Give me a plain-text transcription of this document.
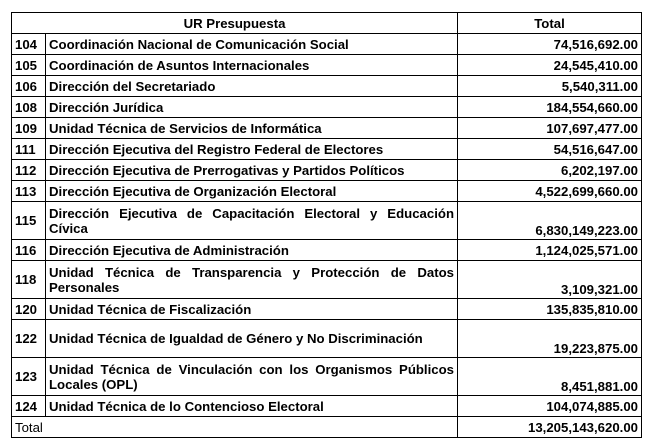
UR Presupuesta		Total
104	Coordinación Nacional de Comunicación Social	74,516,692.00
105	Coordinación de Asuntos Internacionales	24,545,410.00
106	Dirección del Secretariado	5,540,311.00
108	Dirección Jurídica	184,554,660.00
109	Unidad Técnica de Servicios de Informática	107,697,477.00
111	Dirección Ejecutiva del Registro Federal de Electores	54,516,647.00
112	Dirección Ejecutiva de Prerrogativas y Partidos Políticos	6,202,197.00
113	Dirección Ejecutiva de Organización Electoral	4,522,699,660.00
115	Dirección Ejecutiva de Capacitación Electoral y Educación Cívica	6,830,149,223.00
116	Dirección Ejecutiva de Administración	1,124,025,571.00
118	Unidad Técnica de Transparencia y Protección de Datos Personales	3,109,321.00
120	Unidad Técnica de Fiscalización	135,835,810.00
122	Unidad Técnica de Igualdad de Género y No Discriminación	19,223,875.00
123	Unidad Técnica de Vinculación con los Organismos Públicos Locales (OPL)	8,451,881.00
124	Unidad Técnica de lo Contencioso Electoral	104,074,885.00
Total		13,205,143,620.00
